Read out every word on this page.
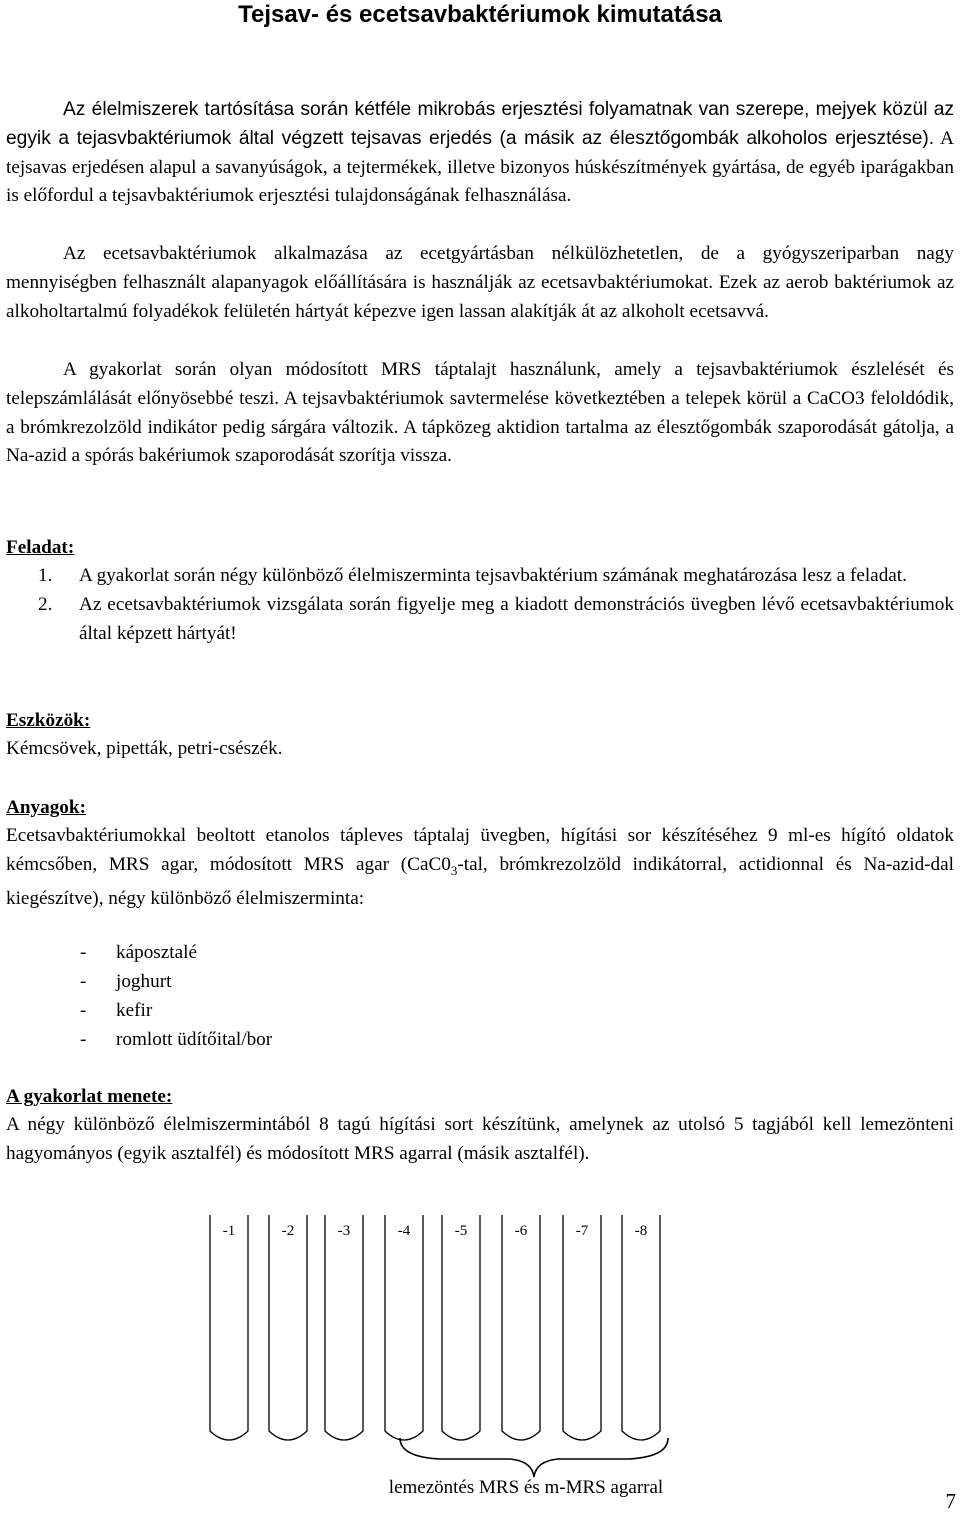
Tejsav- és ecetsavbaktériumok kimutatása

Az élelmiszerek tartósítása során kétféle mikrobás erjesztési folyamatnak van szerepe, mejyek közül az egyik a tejasvbaktériumok által végzett tejsavas erjedés (a másik az élesztőgombák alkoholos erjesztése). A tejsavas erjedésen alapul a savanyúságok, a tejtermékek, illetve bizonyos húskészítmények gyártása, de egyéb iparágakban is előfordul a tejsavbaktériumok erjesztési tulajdonságának felhasználása.

Az ecetsavbaktériumok alkalmazása az ecetgyártásban nélkülözhetetlen, de a gyógyszeriparban nagy mennyiségben felhasznált alapanyagok előállítására is használják az ecetsavbaktériumokat. Ezek az aerob baktériumok az alkoholtartalmú folyadékok felületén hártyát képezve igen lassan alakítják át az alkoholt ecetsavvá.

A gyakorlat során olyan módosított MRS táptalajt használunk, amely a tejsavbaktériumok észlelését és telepszámlálását előnyösebbé teszi. A tejsavbaktériumok savtermelése következtében a telepek körül a CaCO3 feloldódik, a brómkrezolzöld indikátor pedig sárgára változik. A tápközeg aktidion tartalma az élesztőgombák szaporodását gátolja, a Na-azid a spórás bakériumok szaporodását szorítja vissza.

Feladat:
1. A gyakorlat során négy különböző élelmiszerminta tejsavbaktérium számának meghatározása lesz a feladat.
2. Az ecetsavbaktériumok vizsgálata során figyelje meg a kiadott demonstrációs üvegben lévő ecetsavbaktériumok által képzett hártyát!
Eszközök:

Kémcsövek, pipetták, petri-csészék.

Anyagok:

Ecetsavbaktériumokkal beoltott etanolos tápleves táptalaj üvegben, hígítási sor készítéséhez 9 ml-es hígító oldatok kémcsőben, MRS agar, módosított MRS agar ($CaC0_3$-tal, brómkrezolzöld indikátorral, actidionnal és Na-azid-dal kiegészítve), négy különböző élelmiszerminta:

- káposztalé
- joghurt
- kefir
- romlott üdítőital/bor
A gyakorlat menete:

A négy különböző élelmiszermintából 8 tagú hígítási sort készítünk, amelynek az utolsó 5 tagjából kell lemezönteni hagyományos (egyik asztalfél) és módosított MRS agarral (másik asztalfél).

-1	-2	-3	-4	-5	-6	-7	-8
lemezöntés MRS és m-MRS agarral
7
